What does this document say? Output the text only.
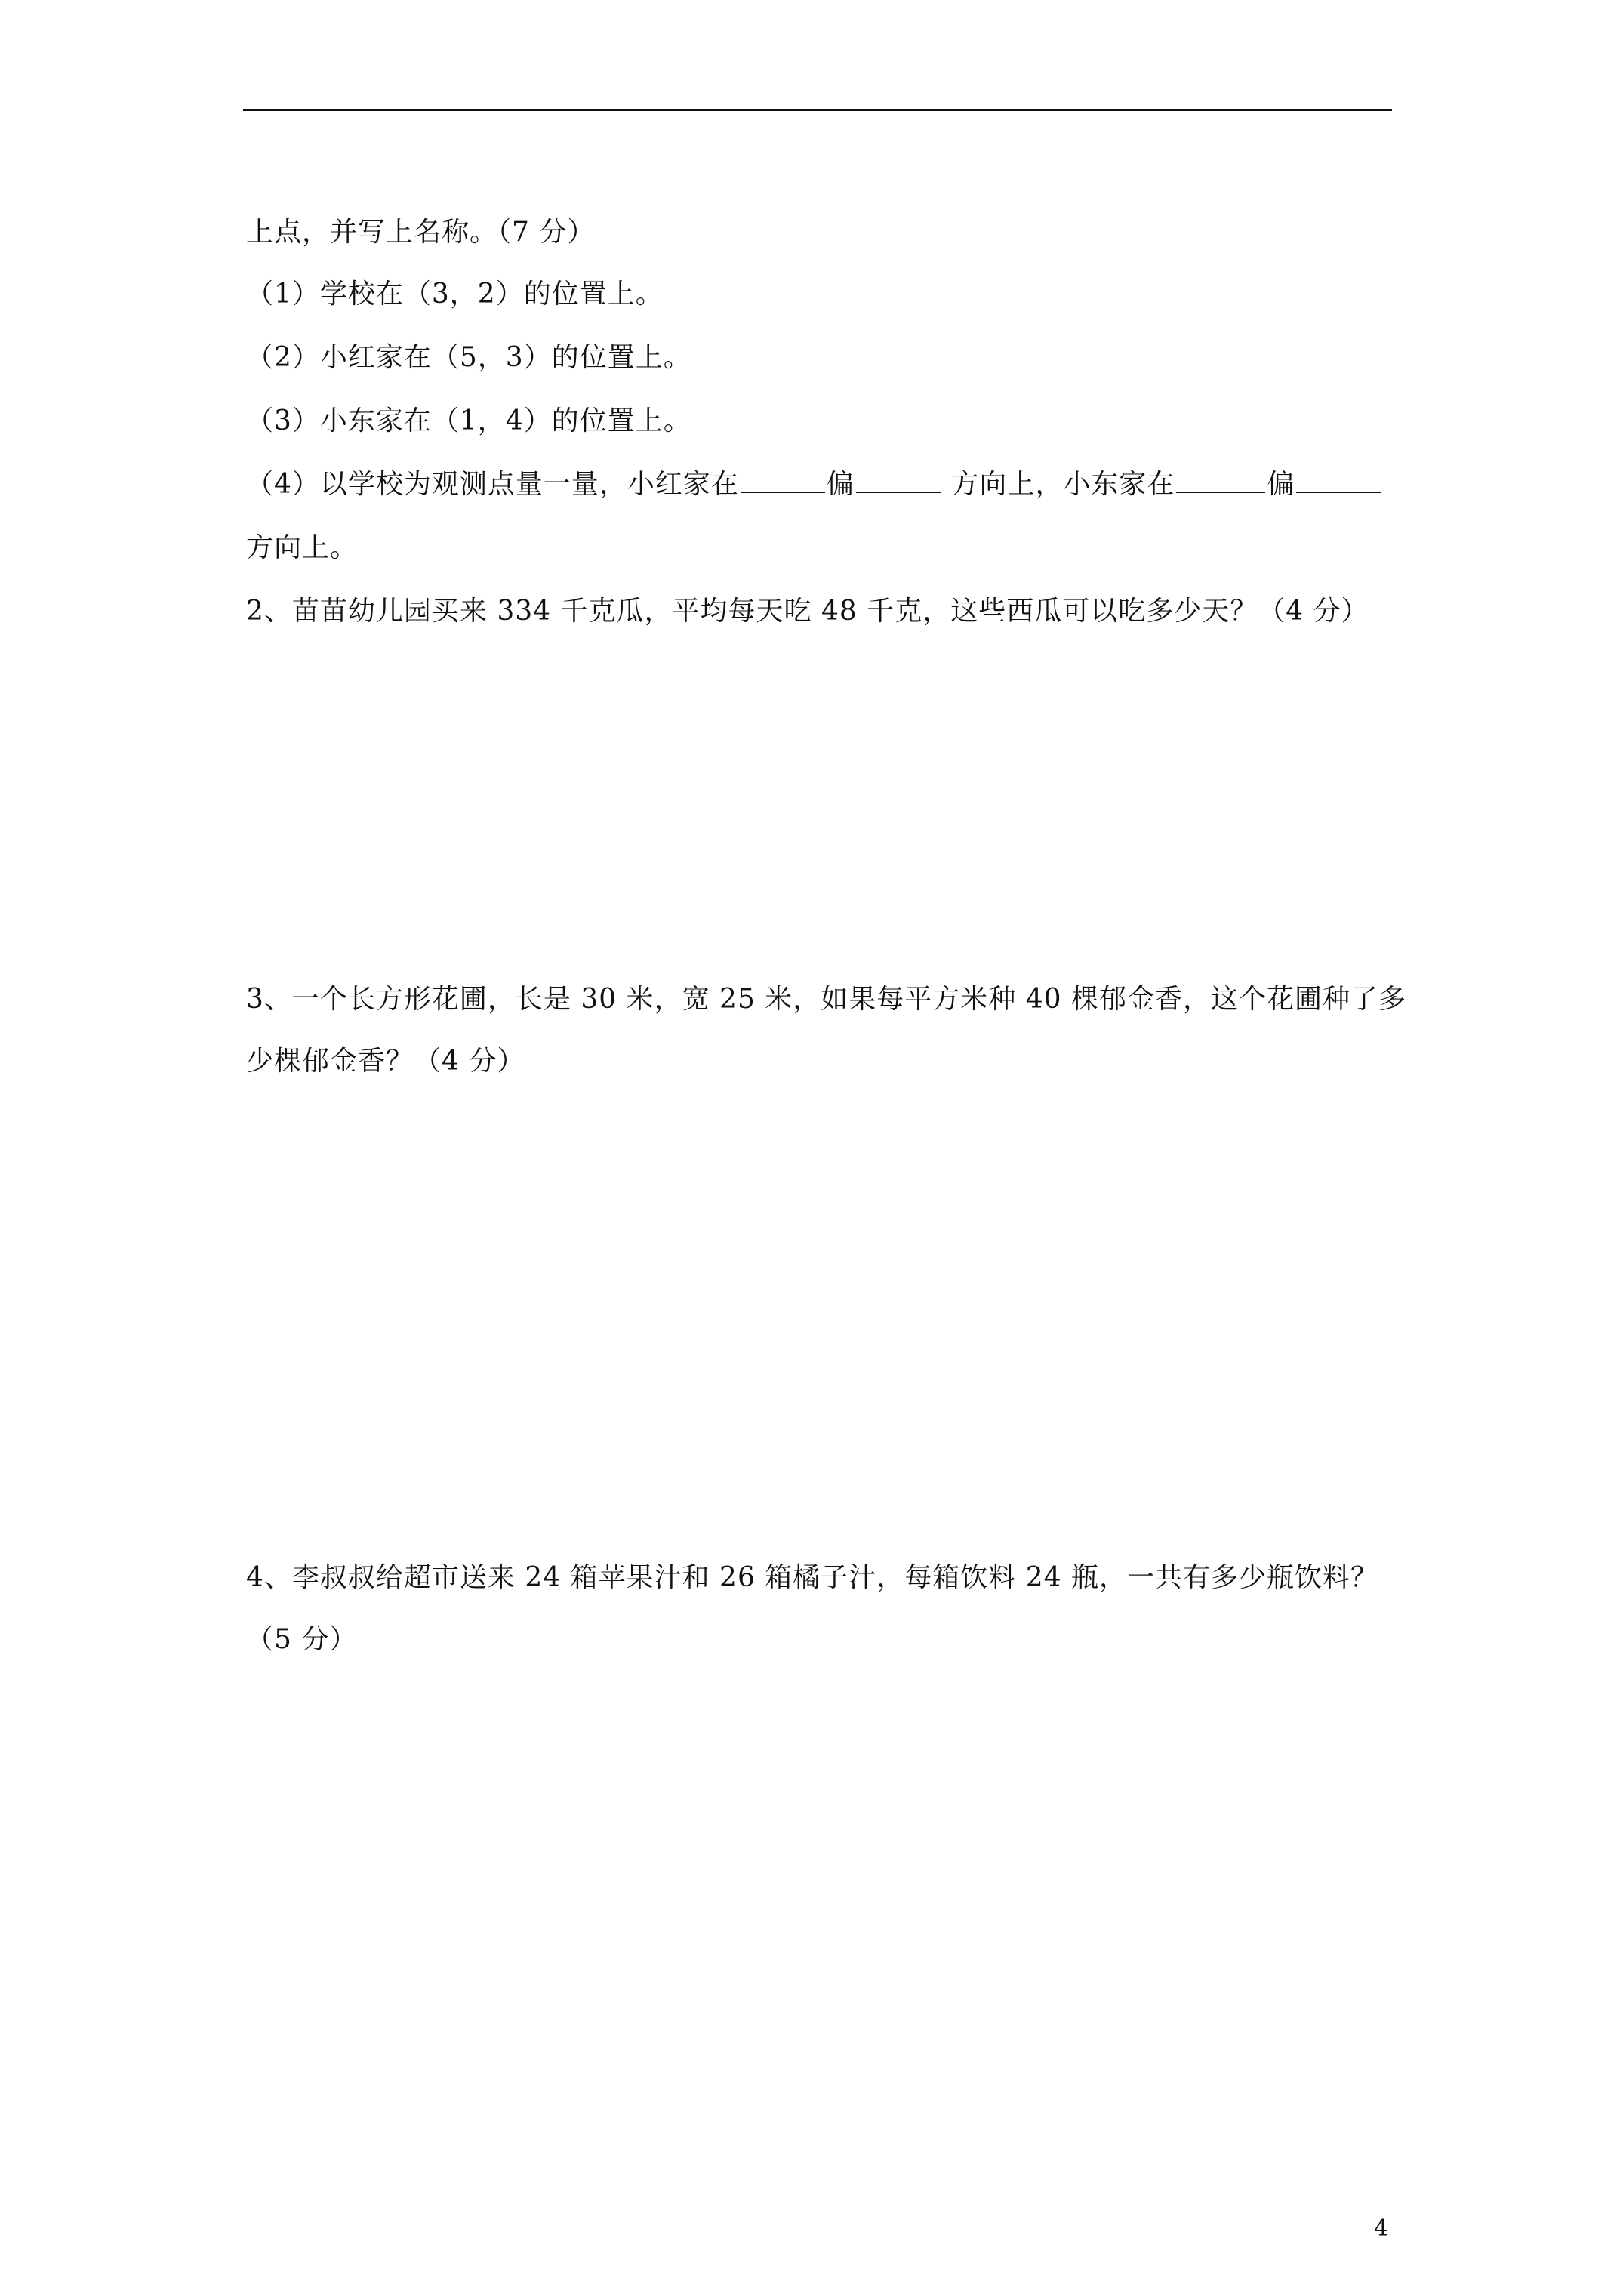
上点，并写上名称。（7 分）
（1）学校在（3，2）的位置上。
（2）小红家在（5，3）的位置上。
（3）小东家在（1，4）的位置上。
（4）以学校为观测点量一量，小红家在	偏	方向上，小东家在	偏
方向上。
2、苗苗幼儿园买来 334 千克瓜，平均每天吃 48 千克，这些西瓜可以吃多少天？（4 分）
3、一个长方形花圃，长是 30 米，宽 25 米，如果每平方米种 40 棵郁金香，这个花圃种了多
少棵郁金香？（4 分）
4、李叔叔给超市送来 24 箱苹果汁和 26 箱橘子汁，每箱饮料 24 瓶，一共有多少瓶饮料？
（5 分）
4
